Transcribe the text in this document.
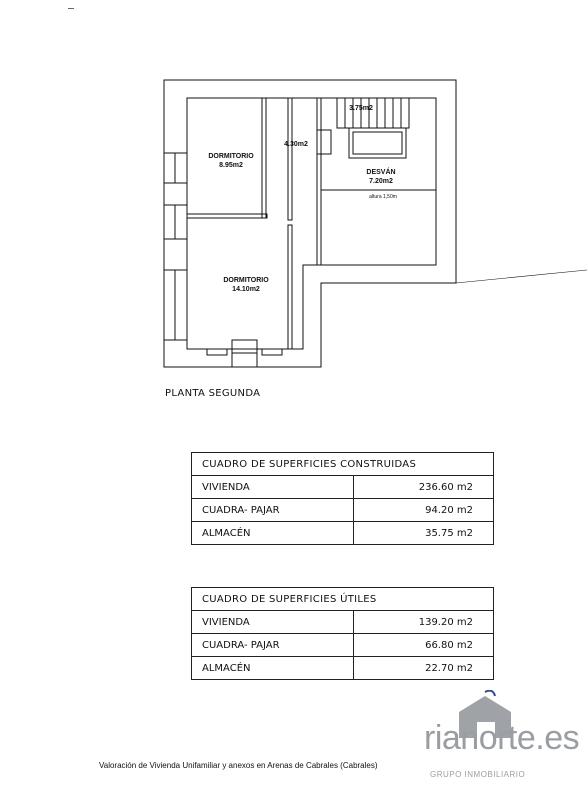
DORMITORIO
8.95m2
4.30m2
3.75m2
DESVÁN
7.20m2
altura 1,50m
DORMITORIO
14.10m2
PLANTA SEGUNDA
CUADRO DE SUPERFICIES CONSTRUIDAS	
VIVIENDA	236.60 m2
CUADRA- PAJAR	94.20 m2
ALMACÉN	35.75 m2
CUADRO DE SUPERFICIES ÚTILES	
VIVIENDA	139.20 m2
CUADRA- PAJAR	66.80 m2
ALMACÉN	22.70 m2
rianorte.es
GRUPO INMOBILIARIO
Valoración de Vivienda Unifamiliar y anexos en Arenas de Cabrales (Cabrales)
